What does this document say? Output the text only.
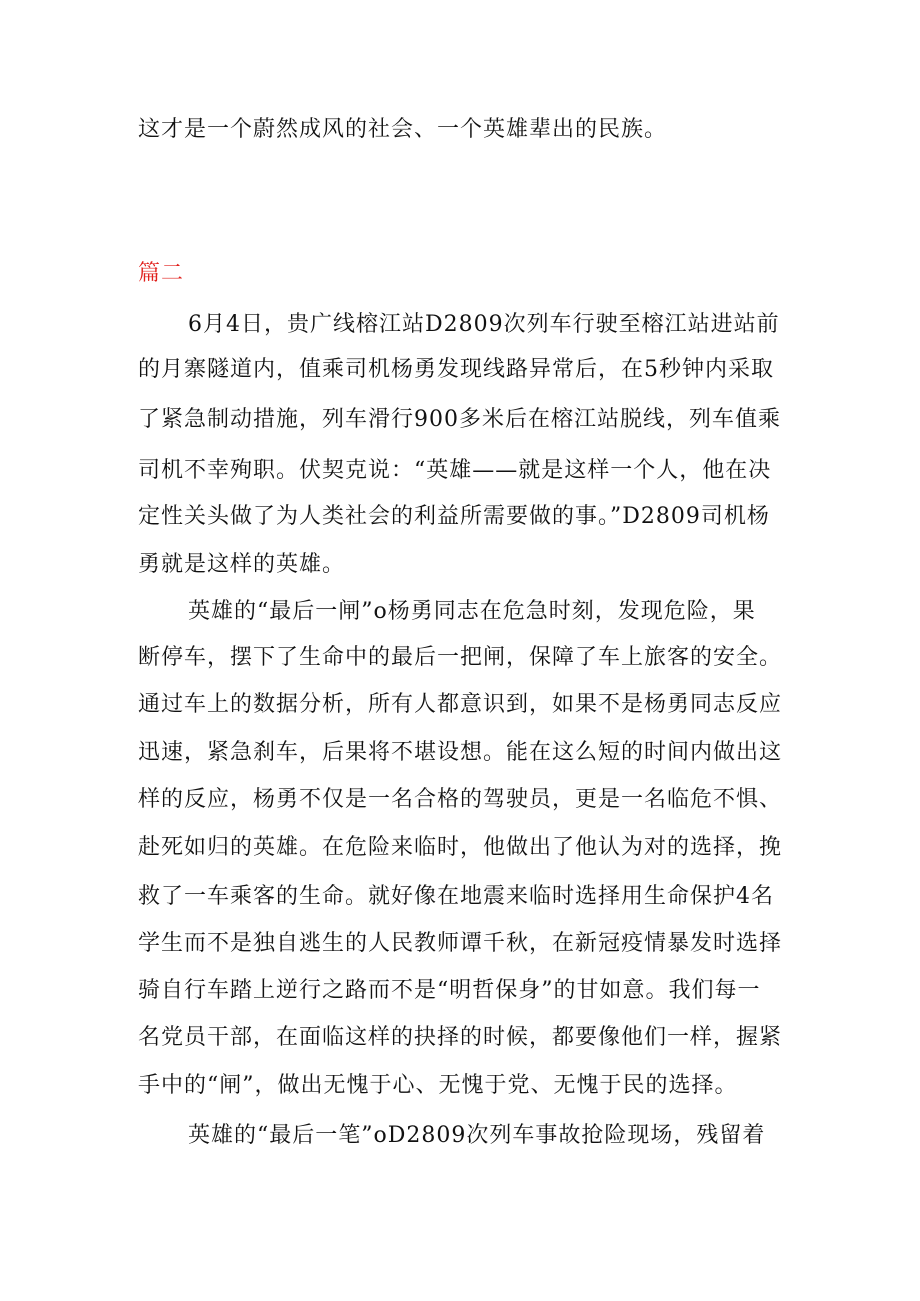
这才是一个蔚然成风的社会、一个英雄辈出的民族。
篇二
6月4日，贵广线榕江站D2809次列车行驶至榕江站进站前
的月寨隧道内，值乘司机杨勇发现线路异常后，在5秒钟内采取
了紧急制动措施，列车滑行900多米后在榕江站脱线，列车值乘
司机不幸殉职。伏契克说：“英雄——就是这样一个人，他在决
定性关头做了为人类社会的利益所需要做的事。”D2809司机杨
勇就是这样的英雄。
英雄的“最后一闸”o杨勇同志在危急时刻，发现危险，果
断停车，摆下了生命中的最后一把闸，保障了车上旅客的安全。
通过车上的数据分析，所有人都意识到，如果不是杨勇同志反应
迅速，紧急刹车，后果将不堪设想。能在这么短的时间内做出这
样的反应，杨勇不仅是一名合格的驾驶员，更是一名临危不惧、
赴死如归的英雄。在危险来临时，他做出了他认为对的选择，挽
救了一车乘客的生命。就好像在地震来临时选择用生命保护4名
学生而不是独自逃生的人民教师谭千秋，在新冠疫情暴发时选择
骑自行车踏上逆行之路而不是“明哲保身”的甘如意。我们每一
名党员干部，在面临这样的抉择的时候，都要像他们一样，握紧
手中的“闸”，做出无愧于心、无愧于党、无愧于民的选择。
英雄的“最后一笔”oD2809次列车事故抢险现场，残留着
